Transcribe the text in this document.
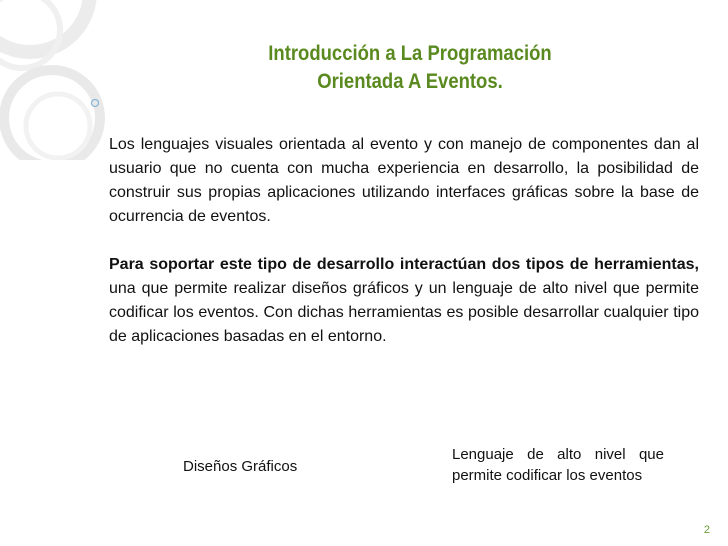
Introducción a La Programación
Orientada A Eventos.

Los lenguajes visuales orientada al evento y con manejo de componentes dan al usuario que no cuenta con mucha experiencia en desarrollo, la posibilidad de construir sus propias aplicaciones utilizando interfaces gráficas sobre la base de ocurrencia de eventos.

Para soportar este tipo de desarrollo interactúan dos tipos de herramientas, una que permite realizar diseños gráficos y un lenguaje de alto nivel que permite codificar los eventos. Con dichas herramientas es posible desarrollar cualquier tipo de aplicaciones basadas en el entorno.

Diseños Gráficos
Lenguaje de alto nivel que permite codificar los eventos
2
